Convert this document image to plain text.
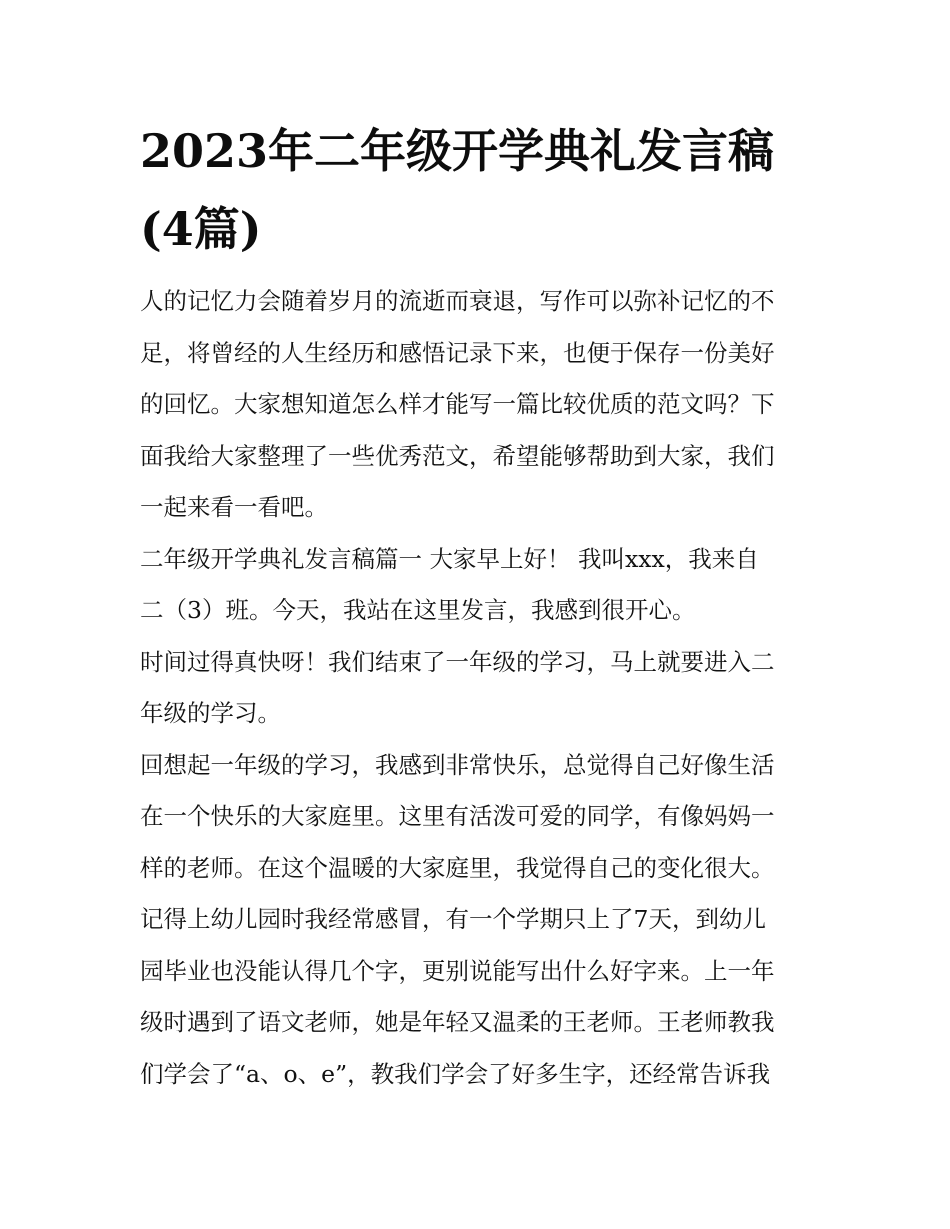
2023年二年级开学典礼发言稿
(4篇)
人的记忆力会随着岁月的流逝而衰退，写作可以弥补记忆的不
足，将曾经的人生经历和感悟记录下来，也便于保存一份美好
的回忆。大家想知道怎么样才能写一篇比较优质的范文吗？下
面我给大家整理了一些优秀范文，希望能够帮助到大家，我们
一起来看一看吧。
二年级开学典礼发言稿篇一 大家早上好！ 我叫xxx，我来自
二（3）班。今天，我站在这里发言，我感到很开心。
时间过得真快呀！我们结束了一年级的学习，马上就要进入二
年级的学习。
回想起一年级的学习，我感到非常快乐，总觉得自己好像生活
在一个快乐的大家庭里。这里有活泼可爱的同学，有像妈妈一
样的老师。在这个温暖的大家庭里，我觉得自己的变化很大。
记得上幼儿园时我经常感冒，有一个学期只上了7天，到幼儿
园毕业也没能认得几个字，更别说能写出什么好字来。上一年
级时遇到了语文老师，她是年轻又温柔的王老师。王老师教我
们学会了“a、o、e”，教我们学会了好多生字，还经常告诉我
